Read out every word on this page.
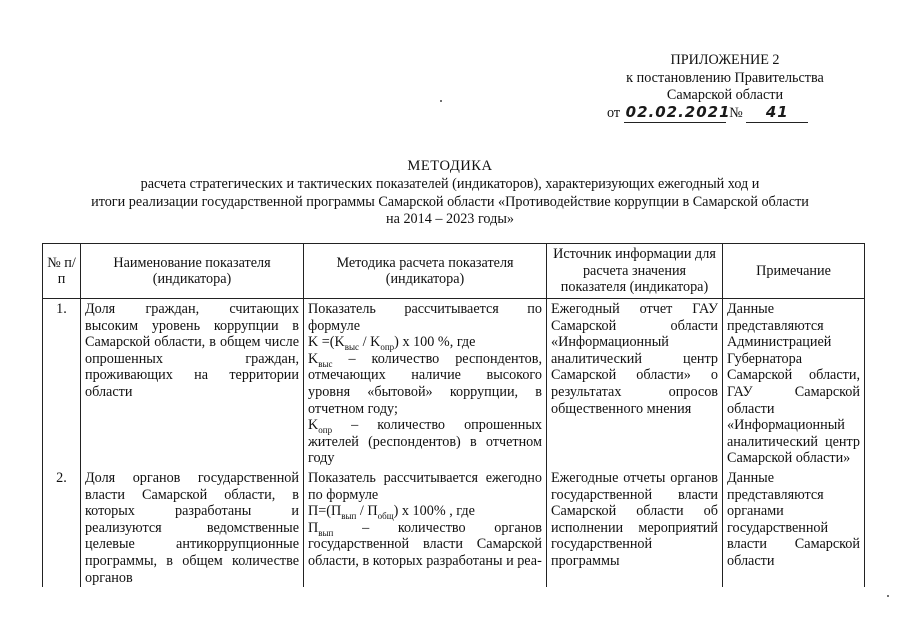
ПРИЛОЖЕНИЕ 2
к постановлению Правительства
Самарской области
от 02.02.2021 № 41
МЕТОДИКА
расчета стратегических и тактических показателей (индикаторов), характеризующих ежегодный ход и
итоги реализации государственной программы Самарской области «Противодействие коррупции в Самарской области
на 2014 – 2023 годы»
№ п/п	Наименование показателя (индикатора)	Методика расчета показателя (индикатора)	Источник информации для расчета значения показателя (индикатора)	Примечание
1.	Доля граждан, считающих высоким уровень коррупции в Самарской области, в общем числе опрошенных граждан, проживающих на территории области	Показатель рассчитывается по формуле
$K =(K_{выс} / K_{опр})$ х 100 %, где
$K_{выс}$ – количество респондентов, отмечающих наличие высокого уровня «бытовой» коррупции, в отчетном году;
$K_{опр}$ – количество опрошенных жителей (респондентов) в отчетном году	Ежегодный отчет ГАУ Самарской области «Информационный аналитический центр Самарской области» о результатах опросов общественного мнения	Данные представляются Администрацией Губернатора Самарской области, ГАУ Самарской области «Информационный аналитический центр Самарской области»
2.	Доля органов государственной власти Самарской области, в которых разработаны и реализуются ведомственные целевые антикоррупционные программы, в общем количестве органов	Показатель рассчитывается ежегодно по формуле
$П=(П_{вып} / П_{общ})$ х 100% , где
$П_{вып}$ – количество органов государственной власти Самарской области, в которых разработаны и реа-	Ежегодные отчеты органов государственной власти Самарской области об исполнении мероприятий государственной программы	Данные представляются органами государственной власти Самарской области
